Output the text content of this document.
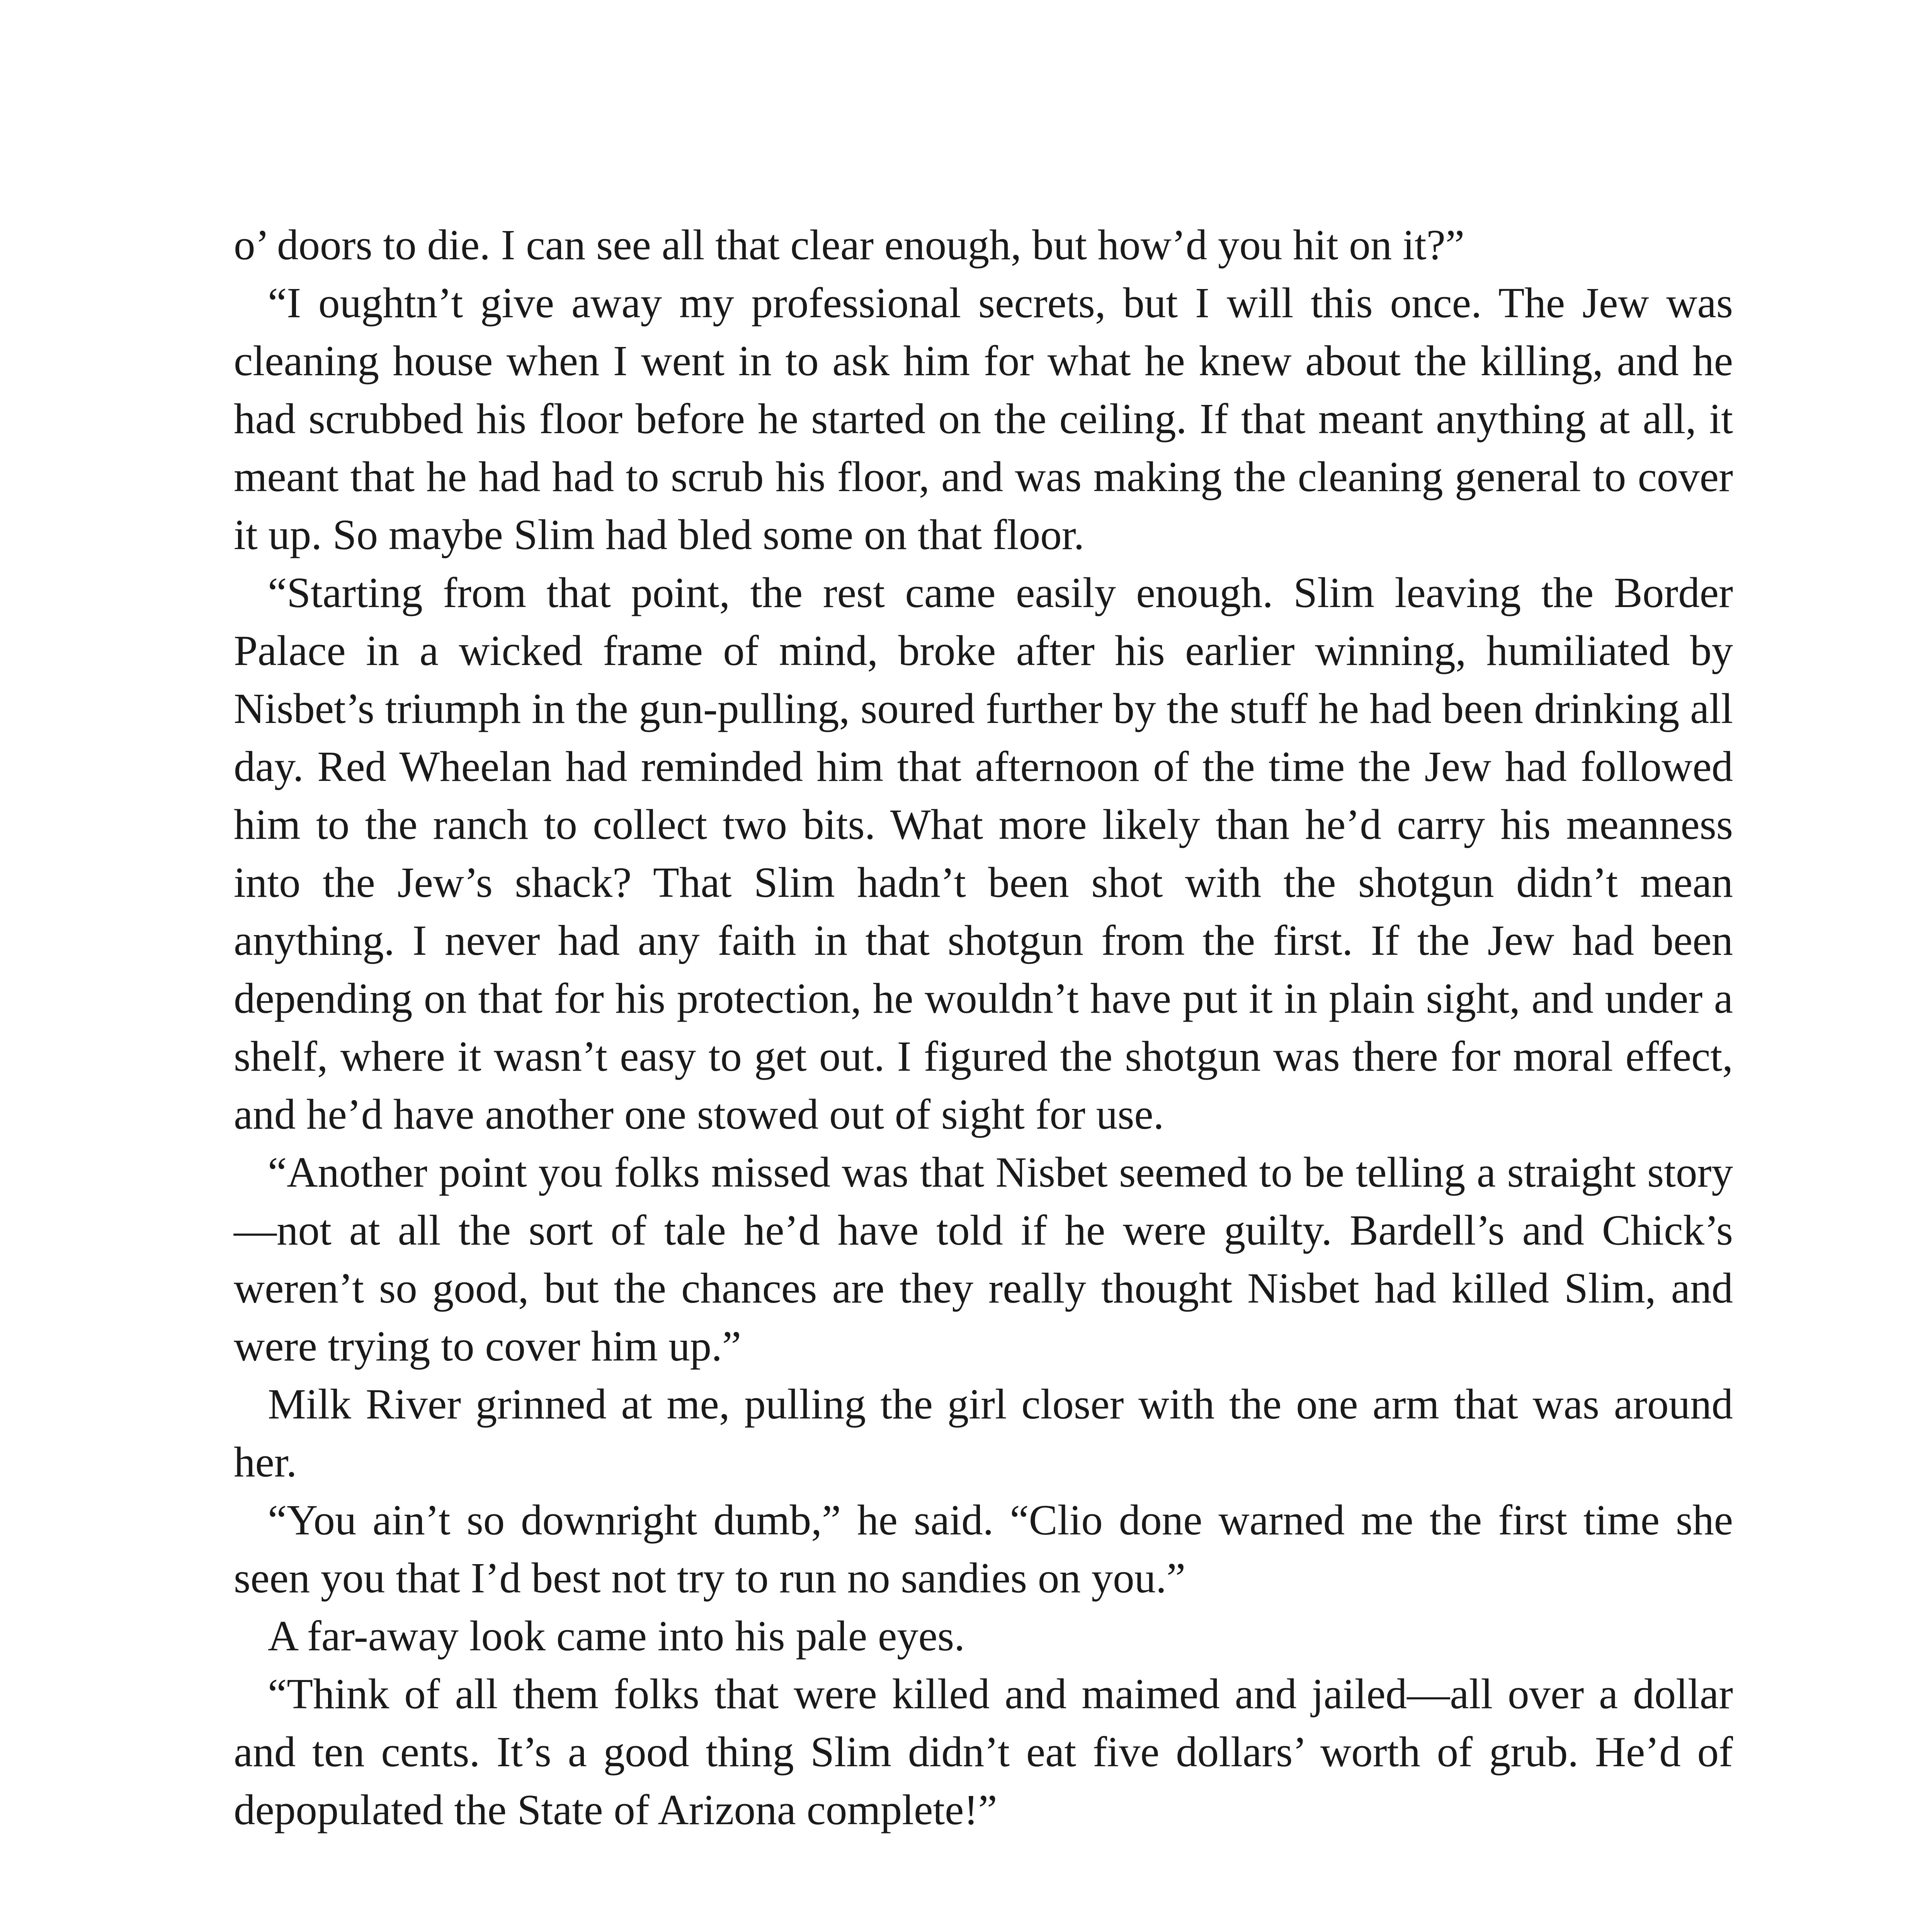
o’ doors to die. I can see all that clear enough, but how’d you hit on it?”

“I oughtn’t give away my professional secrets, but I will this once. The Jew was cleaning house when I went in to ask him for what he knew about the killing, and he had scrubbed his floor before he started on the ceiling. If that meant anything at all, it meant that he had had to scrub his floor, and was making the cleaning general to cover it up. So maybe Slim had bled some on that floor.

“Starting from that point, the rest came easily enough. Slim leaving the Border Palace in a wicked frame of mind, broke after his earlier winning, humiliated by Nisbet’s triumph in the gun-pulling, soured further by the stuff he had been drinking all day. Red Wheelan had reminded him that afternoon of the time the Jew had followed him to the ranch to collect two bits. What more likely than he’d carry his meanness into the Jew’s shack? That Slim hadn’t been shot with the shotgun didn’t mean anything. I never had any faith in that shotgun from the first. If the Jew had been depending on that for his protection, he wouldn’t have put it in plain sight, and under a shelf, where it wasn’t easy to get out. I figured the shotgun was there for moral effect, and he’d have another one stowed out of sight for use.

“Another point you folks missed was that Nisbet seemed to be telling a straight story—not at all the sort of tale he’d have told if he were guilty. Bardell’s and Chick’s weren’t so good, but the chances are they really thought Nisbet had killed Slim, and were trying to cover him up.”

Milk River grinned at me, pulling the girl closer with the one arm that was around her.

“You ain’t so downright dumb,” he said. “Clio done warned me the first time she seen you that I’d best not try to run no sandies on you.”

A far-away look came into his pale eyes.

“Think of all them folks that were killed and maimed and jailed—all over a dollar and ten cents. It’s a good thing Slim didn’t eat five dollars’ worth of grub. He’d of depopulated the State of Arizona complete!”
